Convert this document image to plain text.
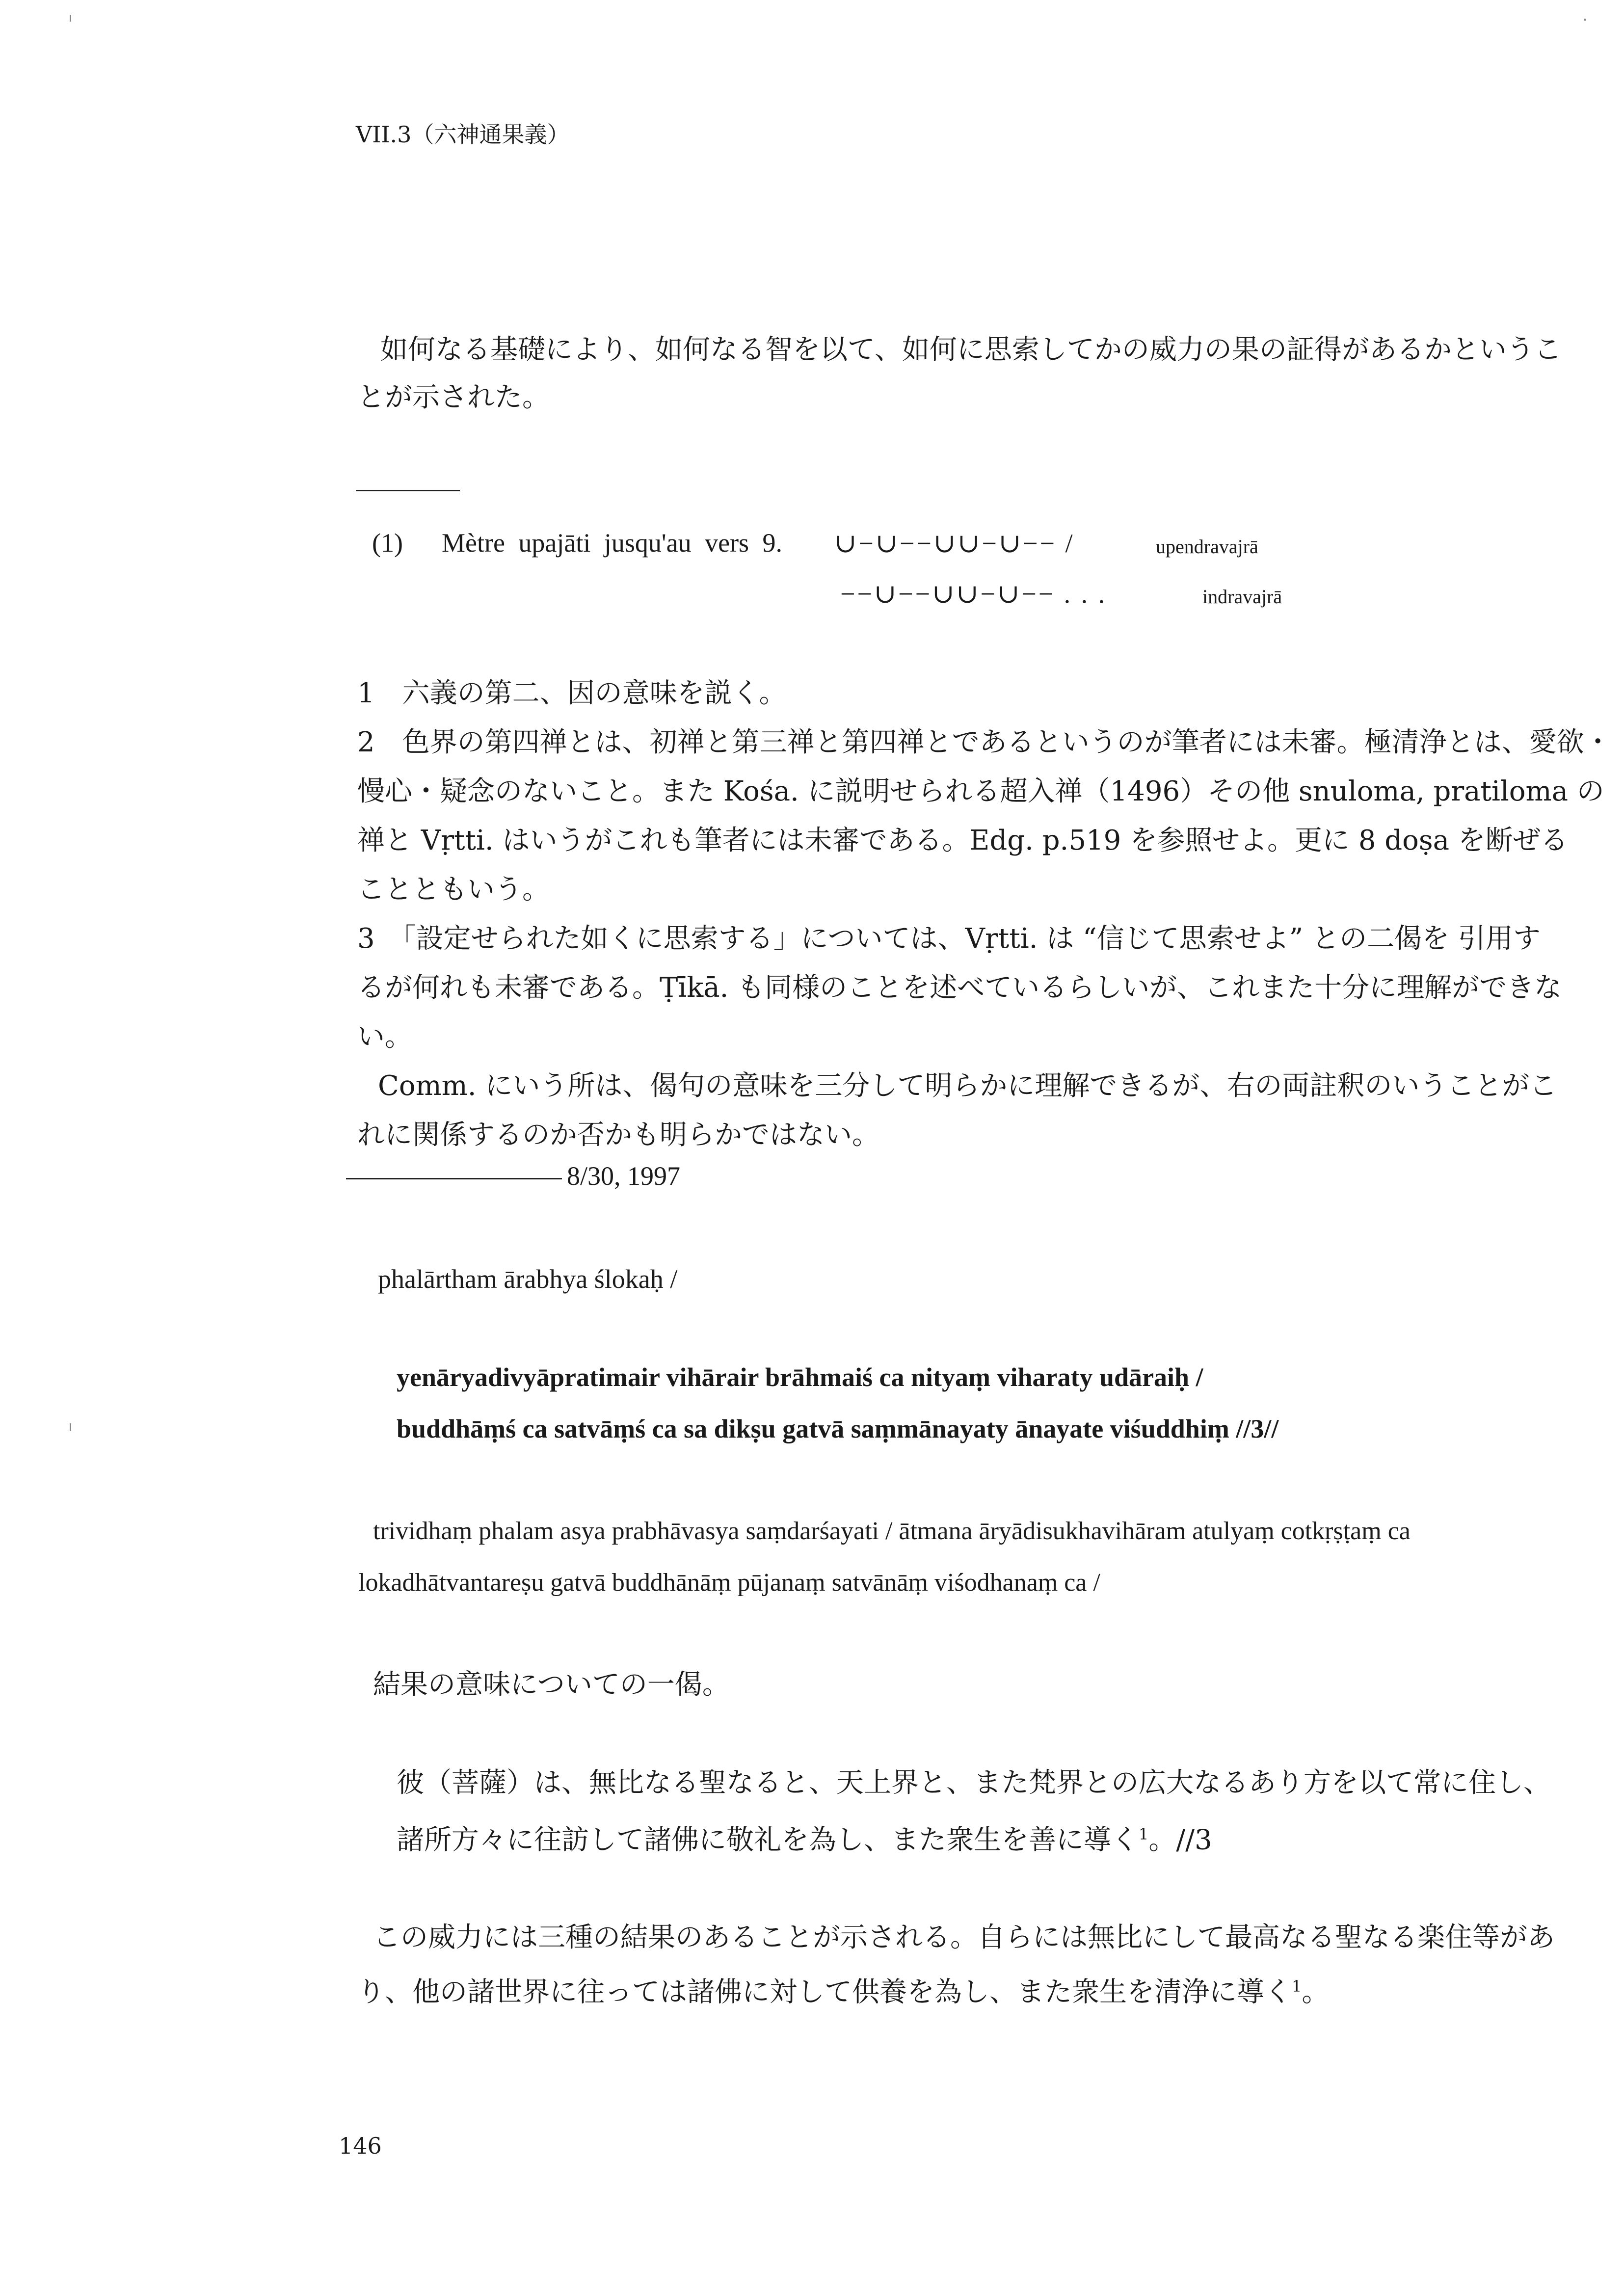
VII.3（六神通果義）
如何なる基礎により、如何なる智を以て、如何に思索してかの威力の果の証得があるかというこ
とが示された。
(1) Mètre upajāti jusqu'au vers 9. ∪−∪−−∪∪−∪−− /	upendravajrā
−−∪−−∪∪−∪−− . . .	indravajrā
1　六義の第二、因の意味を説く。
2　色界の第四禅とは、初禅と第三禅と第四禅とであるというのが筆者には未審。極清浄とは、愛欲・
慢心・疑念のないこと。また Kośa. に説明せられる超入禅（1496）その他 snuloma, pratiloma の
禅と Vṛtti. はいうがこれも筆者には未審である。Edg. p.519 を参照せよ。更に 8 doṣa を断ぜる
ことともいう。
3　「設定せられた如くに思索する」については、Vṛtti. は “信じて思索せよ” との二偈を 引用す
るが何れも未審である。Ṭīkā. も同様のことを述べているらしいが、これまた十分に理解ができな
い。
Comm. にいう所は、偈句の意味を三分して明らかに理解できるが、右の両註釈のいうことがこ
れに関係するのか否かも明らかではない。
8/30, 1997
phalārtham ārabhya ślokaḥ /
yenāryadivyāpratimair vihārair brāhmaiś ca nityaṃ viharaty udāraiḥ /
buddhāṃś ca satvāṃś ca sa dikṣu gatvā saṃmānayaty ānayate viśuddhiṃ //3//
trividhaṃ phalam asya prabhāvasya saṃdarśayati / ātmana āryādisukhavihāram atulyaṃ cotkṛṣṭaṃ ca
lokadhātvantareṣu gatvā buddhānāṃ pūjanaṃ satvānāṃ viśodhanaṃ ca /
結果の意味についての一偈。
彼（菩薩）は、無比なる聖なると、天上界と、また梵界との広大なるあり方を以て常に住し、
諸所方々に往訪して諸佛に敬礼を為し、また衆生を善に導く$^1$。//3
この威力には三種の結果のあることが示される。自らには無比にして最高なる聖なる楽住等があ
り、他の諸世界に往っては諸佛に対して供養を為し、また衆生を清浄に導く$^1$。
146
